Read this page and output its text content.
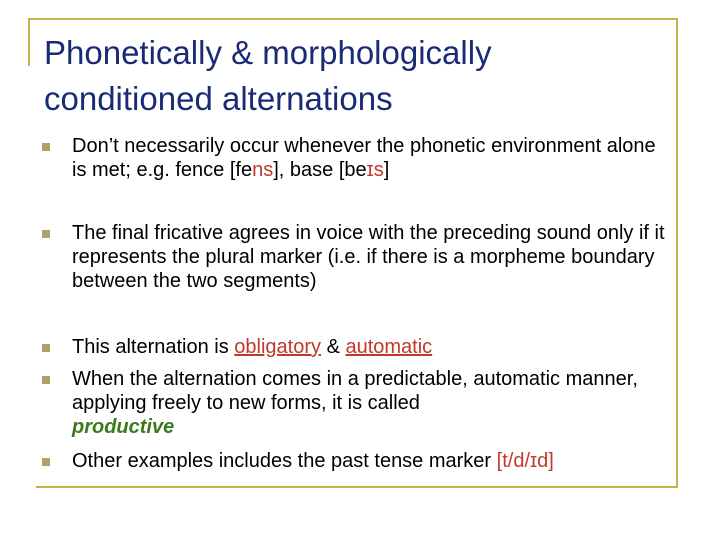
Phonetically & morphologically
conditioned alternations

Don’t necessarily occur whenever the phonetic environment alone is met; e.g. fence [fens], base [beɪs]

The final fricative agrees in voice with the preceding sound only if it represents the plural marker (i.e. if there is a morpheme boundary between the two segments)

This alternation is obligatory & automatic

When the alternation comes in a predictable, automatic manner, applying freely to new forms, it is called
productive

Other examples includes the past tense marker [t/d/ɪd]
